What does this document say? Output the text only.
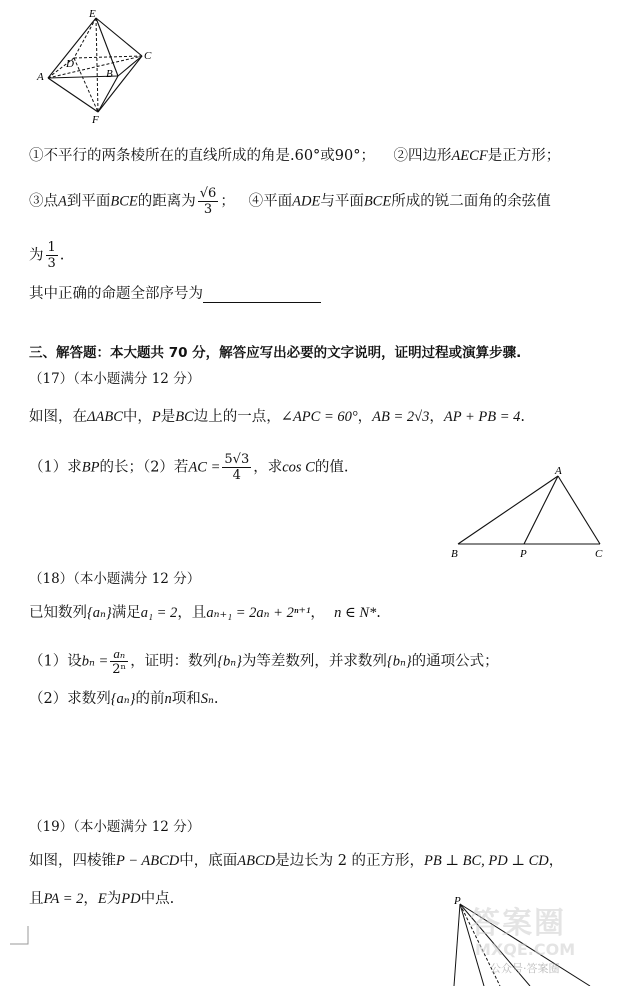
E
C
D
A	B
F
①不平行的两条棱所在的直线所成的角是.60°或90°； ②四边形AECF是正方形；
③点A到平面BCE的距离为 $\frac{√6}{3}$ ； ④平面ADE与平面BCE所成的锐二面角的余弦值
为 $\frac{1}{3}$ .
其中正确的命题全部序号为
三、解答题：本大题共 70 分，解答应写出必要的文字说明，证明过程或演算步骤.
（17）（本小题满分 12 分）
如图，在ΔABC中，P是BC边上的一点，∠APC = 60°，AB = 2√3，AP + PB = 4.
（1）求BP的长；（2）若AC = $\frac{5√3}{4}$ ，求cos C的值.	A
B	P	C
（18）（本小题满分 12 分）
已知数列{aₙ}满足a₁ = 2，且aₙ₊₁ = 2aₙ + 2ⁿ⁺¹， n ∈ N*.
（1）设$b_n = \frac{\text{aₙ}}{\text{2ⁿ}}$ ，证明：数列{bₙ}为等差数列，并求数列{bₙ}的通项公式；
（2）求数列{aₙ}的前n项和Sₙ.
（19）（本小题满分 12 分）
如图，四棱锥P − ABCD中，底面ABCD是边长为 2 的正方形，PB ⊥ BC, PD ⊥ CD，
且PA = 2，E为PD中点.	P
答案圈
MXQE.COM
公众号·答案圈
